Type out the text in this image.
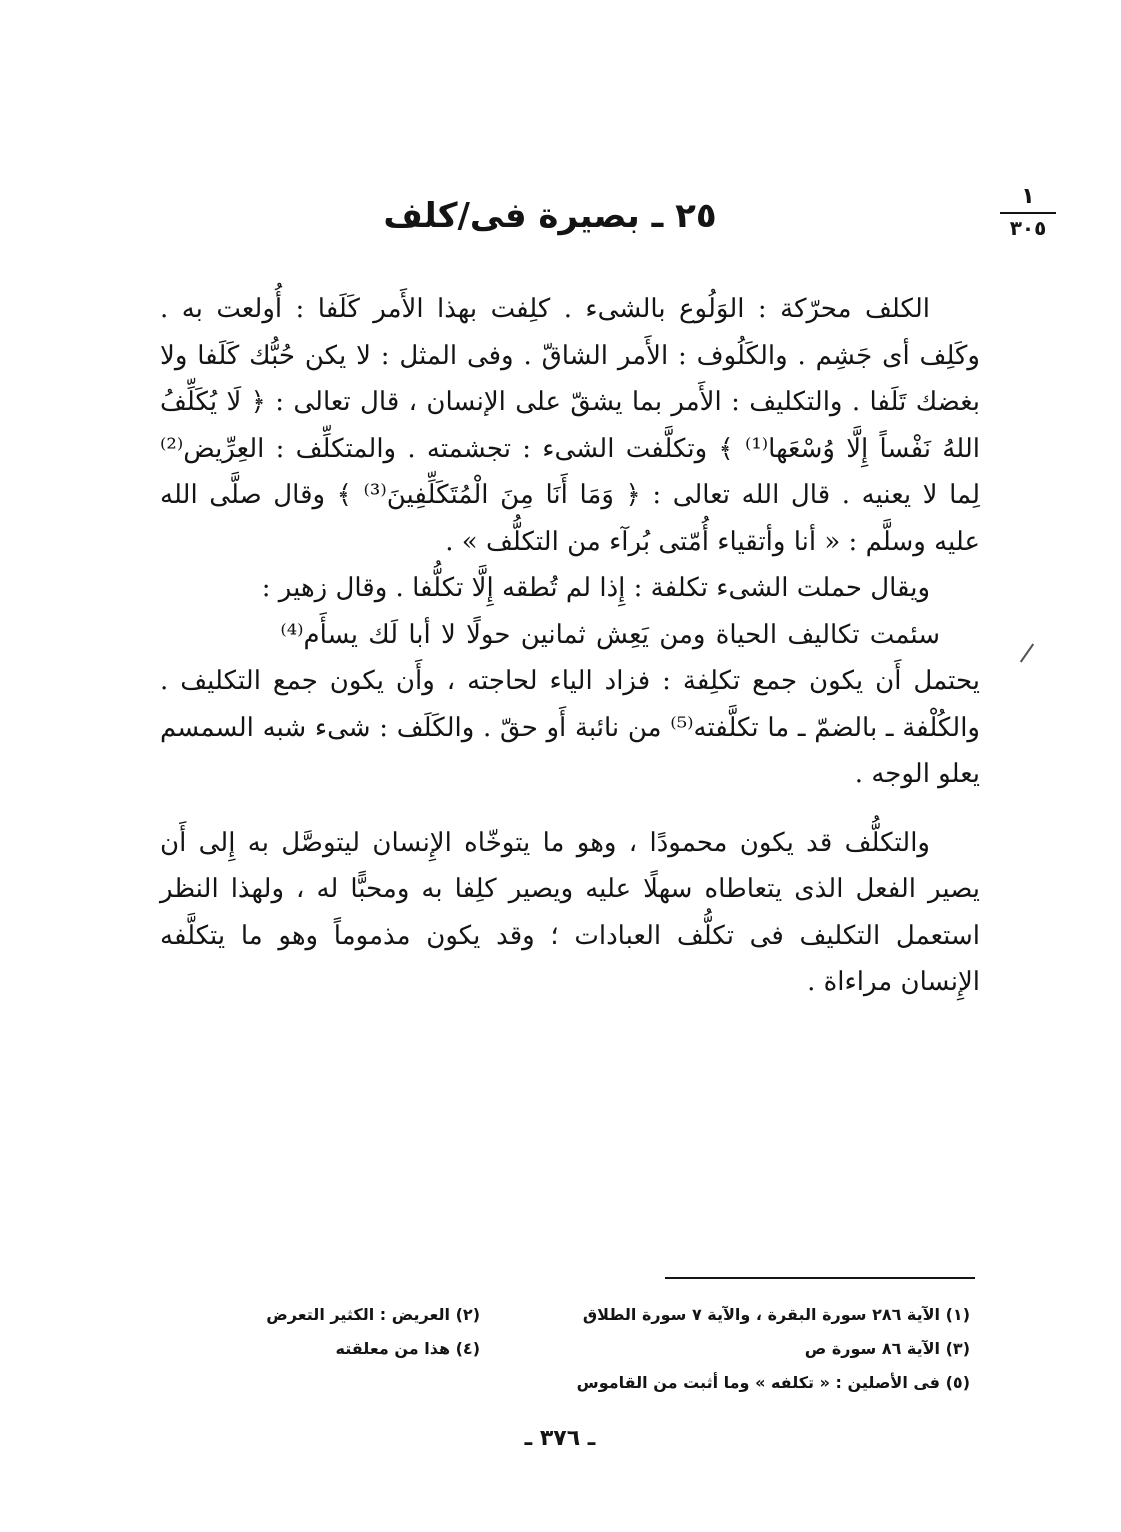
١
٣٠٥
٢٥ ـ بصيرة فى/كلف

الكلف محرّكة : الوَلُوع بالشىء . كلِفت بهذا الأَمر كَلَفا : أُولعت به . وكَلِف أى جَشِم . والكَلُوف : الأَمر الشاقّ . وفى المثل : لا يكن حُبُّك كَلَفا ولا بغضك تَلَفا . والتكليف : الأَمر بما يشقّ على الإنسان ، قال تعالى : ﴿ لَا يُكَلِّفُ اللهُ نَفْساً إِلَّا وُسْعَها⁽¹⁾ ﴾ وتكلَّفت الشىء : تجشمته . والمتكلِّف : العِرِّيض⁽²⁾ لِما لا يعنيه . قال الله تعالى : ﴿ وَمَا أَنَا مِنَ الْمُتَكَلِّفِينَ⁽³⁾ ﴾ وقال صلَّى الله عليه وسلَّم : « أنا وأتقياء أُمّتى بُرآء من التكلُّف » .

ويقال حملت الشىء تكلفة : إِذا لم تُطقه إِلَّا تكلُّفا . وقال زهير :

سئمت تكاليف الحياة ومن يَعِش ثمانين حولًا لا أبا لَك يسأَم⁽⁴⁾

يحتمل أَن يكون جمع تكلِفة : فزاد الياء لحاجته ، وأَن يكون جمع التكليف . والكُلْفة ـ بالضمّ ـ ما تكلَّفته⁽⁵⁾ من نائبة أَو حقّ . والكَلَف : شىء شبه السمسم يعلو الوجه .

والتكلُّف قد يكون محمودًا ، وهو ما يتوخّاه الإِنسان ليتوصَّل به إِلى أَن يصير الفعل الذى يتعاطاه سهلًا عليه ويصير كلِفا به ومحبًّا له ، ولهذا النظر استعمل التكليف فى تكلُّف العبادات ؛ وقد يكون مذموماً وهو ما يتكلَّفه الإِنسان مراءاة .

(١) الآية ٢٨٦ سورة البقرة ، والآية ٧ سورة الطلاق
(٣) الآية ٨٦ سورة ص
(٥) فى الأصلين : « تكلفه » وما أثبت من القاموس
(٢) العريض : الكثير التعرض
(٤) هذا من معلقته
ـ ٣٧٦ ـ
